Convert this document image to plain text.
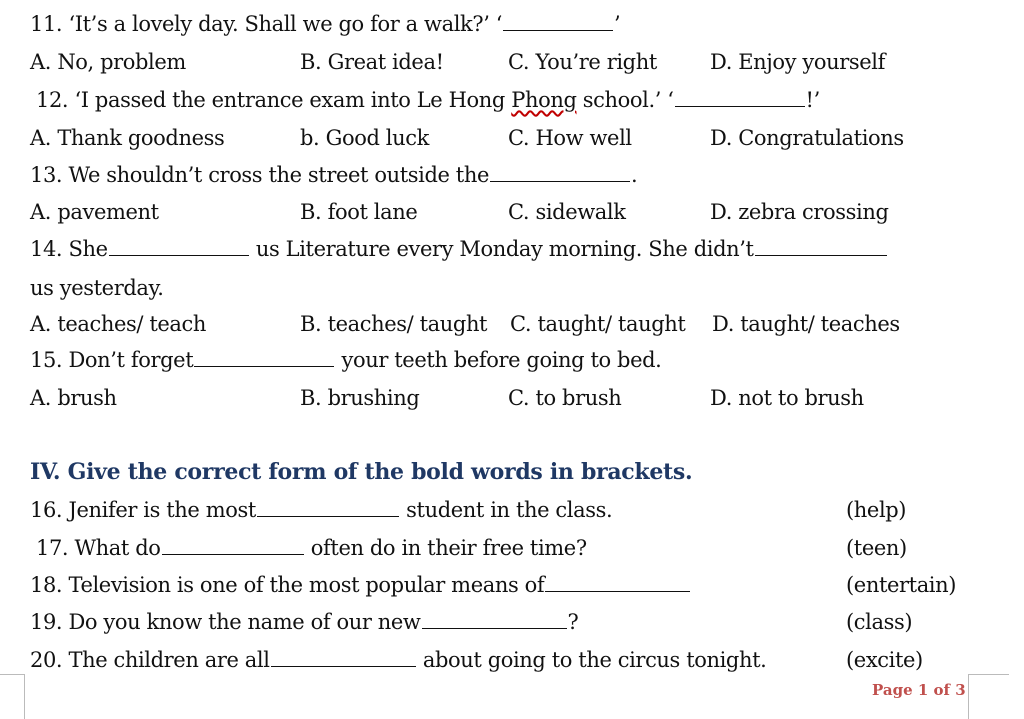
11. ‘It’s a lovely day. Shall we go for a walk?’ ‘	’
A. No, problem	B. Great idea!	C. You’re right	D. Enjoy yourself
12. ‘I passed the entrance exam into Le Hong Phong school.’ ‘	!’
A. Thank goodness	b. Good luck	C. How well	D. Congratulations
13. We shouldn’t cross the street outside the	.
A. pavement	B. foot lane	C. sidewalk	D. zebra crossing
14. She	us Literature every Monday morning. She didn’t
us yesterday.
A. teaches/ teach	B. teaches/ taught C. taught/ taught D. taught/ teaches
15. Don’t forget	your teeth before going to bed.
A. brush	B. brushing	C. to brush	D. not to brush
IV. Give the correct form of the bold words in brackets.
16. Jenifer is the most	student in the class.	(help)
17. What do	often do in their free time?	(teen)
18. Television is one of the most popular means of	(entertain)
19. Do you know the name of our new	?	(class)
20. The children are all	about going to the circus tonight.	(excite)
Page 1 of 3
